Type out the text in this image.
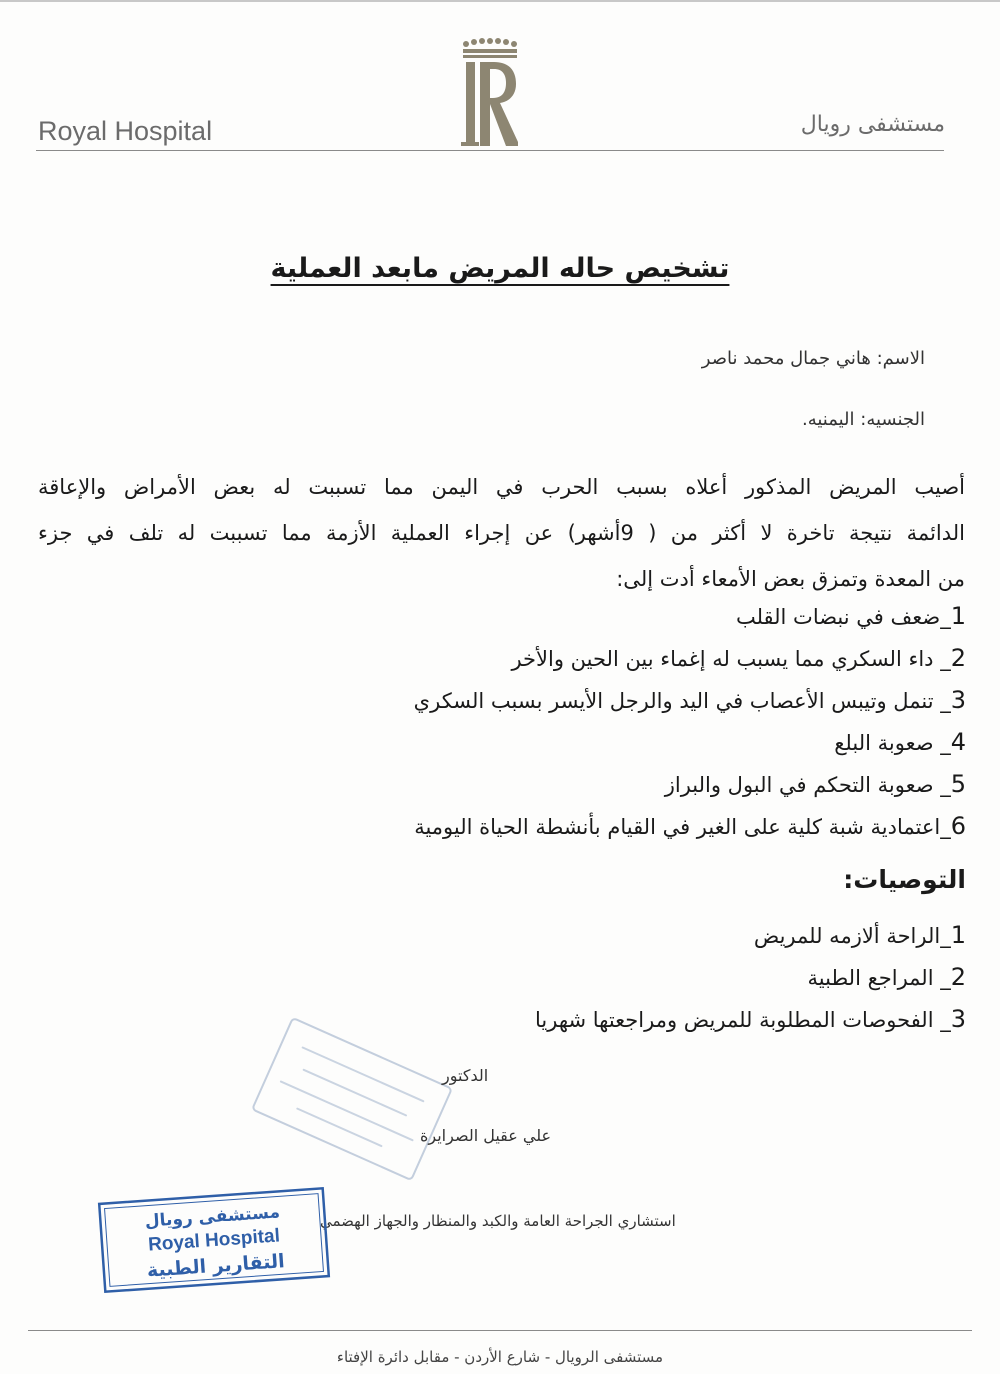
Royal Hospital	مستشفى رويال
تشخيص حاله المريض مابعد العملية
الاسم: هاني جمال محمد ناصر
الجنسيه: اليمنيه.
أصيب المريض المذكور أعلاه بسبب الحرب في اليمن مما تسببت له بعض الأمراض والإعاقة
الدائمة نتيجة تاخرة لا أكثر من ( 9أشهر) عن إجراء العملية الأزمة مما تسببت له تلف في جزء
من المعدة وتمزق بعض الأمعاء أدت إلى:
1_ضعف في نبضات القلب
2_ داء السكري مما يسبب له إغماء بين الحين والأخر
3_ تنمل وتيبس الأعصاب في اليد والرجل الأيسر بسبب السكري
4_ صعوبة البلع
5_ صعوبة التحكم في البول والبراز
6_اعتمادية شبة كلية على الغير في القيام بأنشطة الحياة اليومية
التوصيات:
1_الراحة ألازمه للمريض
2_ المراجع الطبية
3_ الفحوصات المطلوبة للمريض ومراجعتها شهريا
الدكتور
علي عقيل الصرايرة
استشاري الجراحة العامة والكبد والمنظار والجهاز الهضمي
مستشفى رويال
Royal Hospital
التقارير الطبية
مستشفى الرويال - شارع الأردن - مقابل دائرة الإفتاء
